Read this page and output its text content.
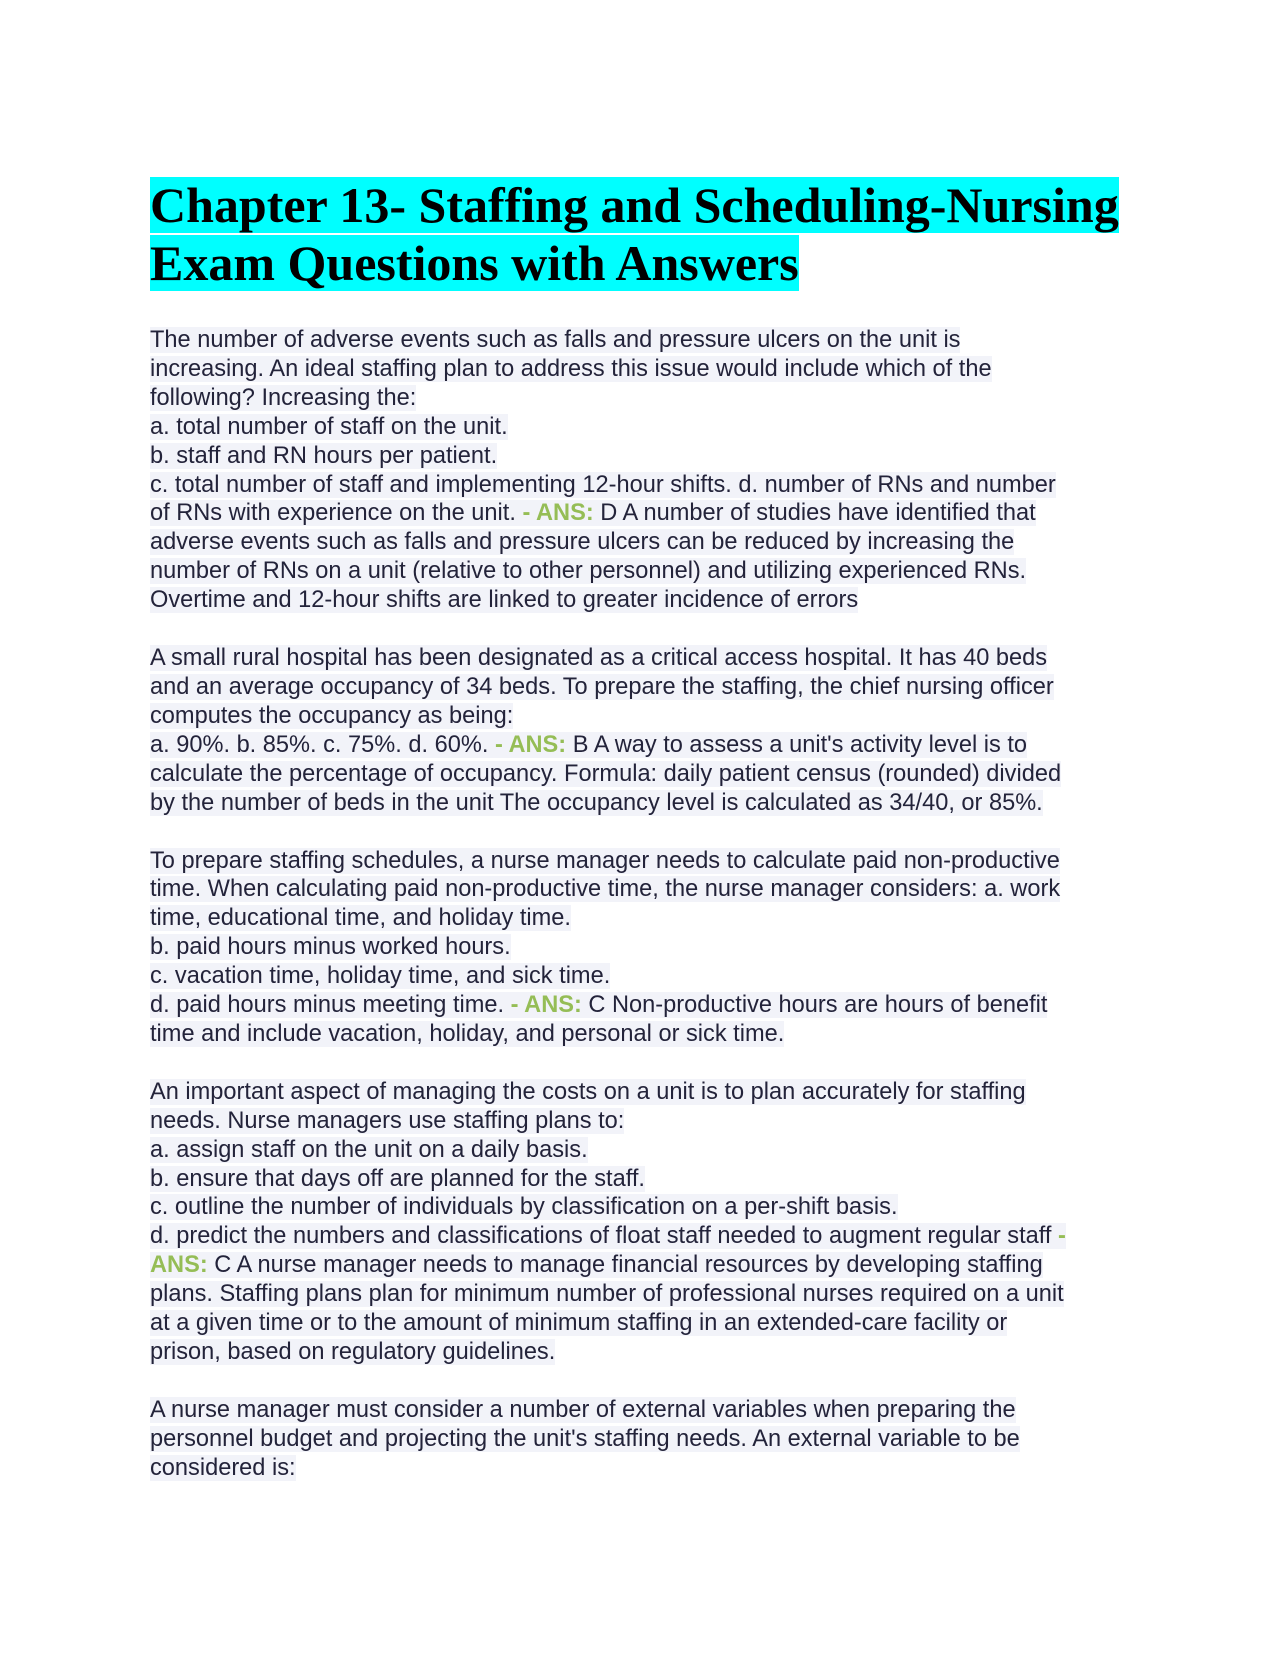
Chapter 13- Staffing and Scheduling-Nursing
Exam Questions with Answers
The number of adverse events such as falls and pressure ulcers on the unit is
increasing. An ideal staffing plan to address this issue would include which of the
following? Increasing the:
a. total number of staff on the unit.
b. staff and RN hours per patient.
c. total number of staff and implementing 12-hour shifts. d. number of RNs and number
of RNs with experience on the unit. - ANS: D A number of studies have identified that
adverse events such as falls and pressure ulcers can be reduced by increasing the
number of RNs on a unit (relative to other personnel) and utilizing experienced RNs.
Overtime and 12-hour shifts are linked to greater incidence of errors
A small rural hospital has been designated as a critical access hospital. It has 40 beds
and an average occupancy of 34 beds. To prepare the staffing, the chief nursing officer
computes the occupancy as being:
a. 90%. b. 85%. c. 75%. d. 60%. - ANS: B A way to assess a unit's activity level is to
calculate the percentage of occupancy. Formula: daily patient census (rounded) divided
by the number of beds in the unit The occupancy level is calculated as 34/40, or 85%.
To prepare staffing schedules, a nurse manager needs to calculate paid non-productive
time. When calculating paid non-productive time, the nurse manager considers: a. work
time, educational time, and holiday time.
b. paid hours minus worked hours.
c. vacation time, holiday time, and sick time.
d. paid hours minus meeting time. - ANS: C Non-productive hours are hours of benefit
time and include vacation, holiday, and personal or sick time.
An important aspect of managing the costs on a unit is to plan accurately for staffing
needs. Nurse managers use staffing plans to:
a. assign staff on the unit on a daily basis.
b. ensure that days off are planned for the staff.
c. outline the number of individuals by classification on a per-shift basis.
d. predict the numbers and classifications of float staff needed to augment regular staff -
ANS: C A nurse manager needs to manage financial resources by developing staffing
plans. Staffing plans plan for minimum number of professional nurses required on a unit
at a given time or to the amount of minimum staffing in an extended-care facility or
prison, based on regulatory guidelines.
A nurse manager must consider a number of external variables when preparing the
personnel budget and projecting the unit's staffing needs. An external variable to be
considered is:
